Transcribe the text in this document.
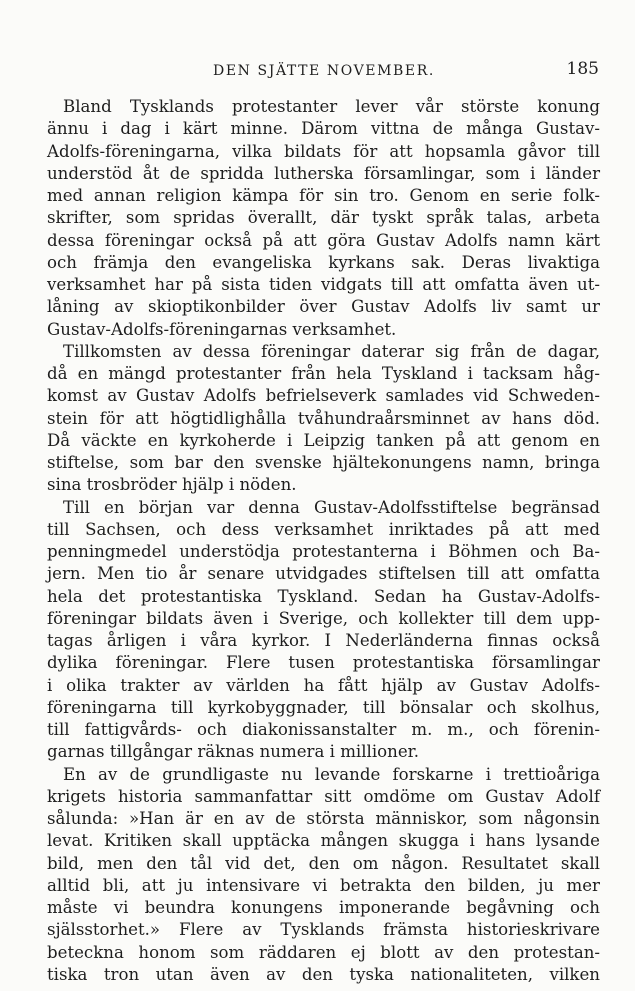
DEN SJÄTTE NOVEMBER.	185
Bland Tysklands protestanter lever vår störste konung
ännu i dag i kärt minne. Därom vittna de många Gustav-
Adolfs-föreningarna, vilka bildats för att hopsamla gåvor till
understöd åt de spridda lutherska församlingar, som i länder
med annan religion kämpa för sin tro. Genom en serie folk-
skrifter, som spridas överallt, där tyskt språk talas, arbeta
dessa föreningar också på att göra Gustav Adolfs namn kärt
och främja den evangeliska kyrkans sak. Deras livaktiga
verksamhet har på sista tiden vidgats till att omfatta även ut-
låning av skioptikonbilder över Gustav Adolfs liv samt ur
Gustav-Adolfs-föreningarnas verksamhet.
Tillkomsten av dessa föreningar daterar sig från de dagar,
då en mängd protestanter från hela Tyskland i tacksam håg-
komst av Gustav Adolfs befrielseverk samlades vid Schweden-
stein för att högtidlighålla tvåhundraårsminnet av hans död.
Då väckte en kyrkoherde i Leipzig tanken på att genom en
stiftelse, som bar den svenske hjältekonungens namn, bringa
sina trosbröder hjälp i nöden.
Till en början var denna Gustav-Adolfsstiftelse begränsad
till Sachsen, och dess verksamhet inriktades på att med
penningmedel understödja protestanterna i Böhmen och Ba-
jern. Men tio år senare utvidgades stiftelsen till att omfatta
hela det protestantiska Tyskland. Sedan ha Gustav-Adolfs-
föreningar bildats även i Sverige, och kollekter till dem upp-
tagas årligen i våra kyrkor. I Nederländerna finnas också
dylika föreningar. Flere tusen protestantiska församlingar
i olika trakter av världen ha fått hjälp av Gustav Adolfs-
föreningarna till kyrkobyggnader, till bönsalar och skolhus,
till fattigvårds- och diakonissanstalter m. m., och förenin-
garnas tillgångar räknas numera i millioner.
En av de grundligaste nu levande forskarne i trettioåriga
krigets historia sammanfattar sitt omdöme om Gustav Adolf
sålunda: »Han är en av de största människor, som någonsin
levat. Kritiken skall upptäcka mången skugga i hans lysande
bild, men den tål vid det, den om någon. Resultatet skall
alltid bli, att ju intensivare vi betrakta den bilden, ju mer
måste vi beundra konungens imponerande begåvning och
själsstorhet.» Flere av Tysklands främsta historieskrivare
beteckna honom som räddaren ej blott av den protestan-
tiska tron utan även av den tyska nationaliteten, vilken
